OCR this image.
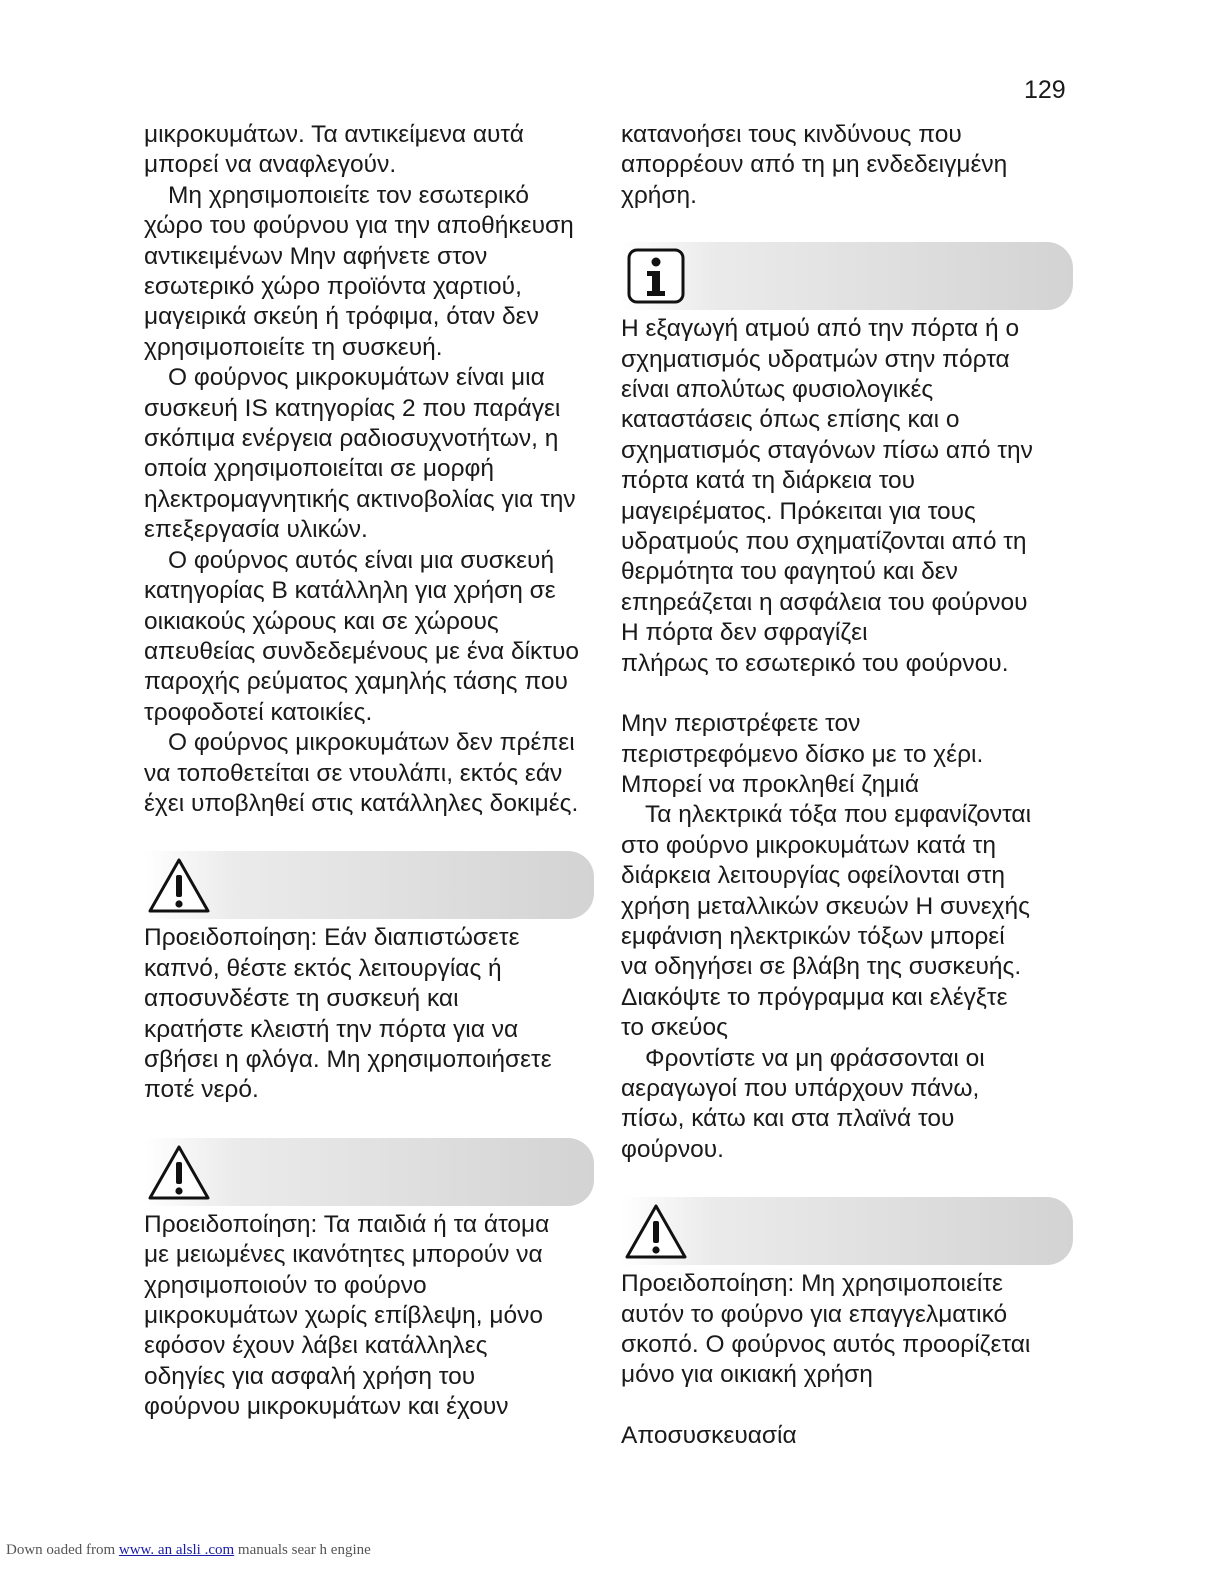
129

μικροκυμάτων. Τα αντικείμενα αυτά
μπορεί να αναφλεγούν.

Μη χρησιμοποιείτε τον εσωτερικό
χώρο του φούρνου για την αποθήκευση
αντικειμένων Μην αφήνετε στον
εσωτερικό χώρο προϊόντα χαρτιού,
μαγειρικά σκεύη ή τρόφιμα, όταν δεν
χρησιμοποιείτε τη συσκευή.

Ο φούρνος μικροκυμάτων είναι μια
συσκευή IS κατηγορίας 2 που παράγει
σκόπιμα ενέργεια ραδιοσυχνοτήτων, η
οποία χρησιμοποιείται σε μορφή
ηλεκτρομαγνητικής ακτινοβολίας για την
επεξεργασία υλικών.

Ο φούρνος αυτός είναι μια συσκευή
κατηγορίας B κατάλληλη για χρήση σε
οικιακούς χώρους και σε χώρους
απευθείας συνδεδεμένους με ένα δίκτυο
παροχής ρεύματος χαμηλής τάσης που
τροφοδοτεί κατοικίες.

Ο φούρνος μικροκυμάτων δεν πρέπει
να τοποθετείται σε ντουλάπι, εκτός εάν
έχει υποβληθεί στις κατάλληλες δοκιμές.

Προειδοποίηση: Εάν διαπιστώσετε
καπνό, θέστε εκτός λειτουργίας ή
αποσυνδέστε τη συσκευή και
κρατήστε κλειστή την πόρτα για να
σβήσει η φλόγα. Μη χρησιμοποιήσετε
ποτέ νερό.

Προειδοποίηση: Τα παιδιά ή τα άτομα
με μειωμένες ικανότητες μπορούν να
χρησιμοποιούν το φούρνο
μικροκυμάτων χωρίς επίβλεψη, μόνο
εφόσον έχουν λάβει κατάλληλες
οδηγίες για ασφαλή χρήση του
φούρνου μικροκυμάτων και έχουν

κατανοήσει τους κινδύνους που
απορρέουν από τη μη ενδεδειγμένη
χρήση.

Η εξαγωγή ατμού από την πόρτα ή ο
σχηματισμός υδρατμών στην πόρτα
είναι απολύτως φυσιολογικές
καταστάσεις όπως επίσης και ο
σχηματισμός σταγόνων πίσω από την
πόρτα κατά τη διάρκεια του
μαγειρέματος. Πρόκειται για τους
υδρατμούς που σχηματίζονται από τη
θερμότητα του φαγητού και δεν
επηρεάζεται η ασφάλεια του φούρνου
Η πόρτα δεν σφραγίζει
πλήρως το εσωτερικό του φούρνου.

Μην περιστρέφετε τον
περιστρεφόμενο δίσκο με το χέρι.
Μπορεί να προκληθεί ζημιά

Τα ηλεκτρικά τόξα που εμφανίζονται
στο φούρνο μικροκυμάτων κατά τη
διάρκεια λειτουργίας οφείλονται στη
χρήση μεταλλικών σκευών Η συνεχής
εμφάνιση ηλεκτρικών τόξων μπορεί
να οδηγήσει σε βλάβη της συσκευής.
Διακόψτε το πρόγραμμα και ελέγξτε
το σκεύος

Φροντίστε να μη φράσσονται οι
αεραγωγοί που υπάρχουν πάνω,
πίσω, κάτω και στα πλαϊνά του
φούρνου.

Προειδοποίηση: Μη χρησιμοποιείτε
αυτόν το φούρνο για επαγγελματικό
σκοπό. Ο φούρνος αυτός προορίζεται
μόνο για οικιακή χρήση

Αποσυσκευασία

Down oaded from www. an alsli .com manuals sear h engine
